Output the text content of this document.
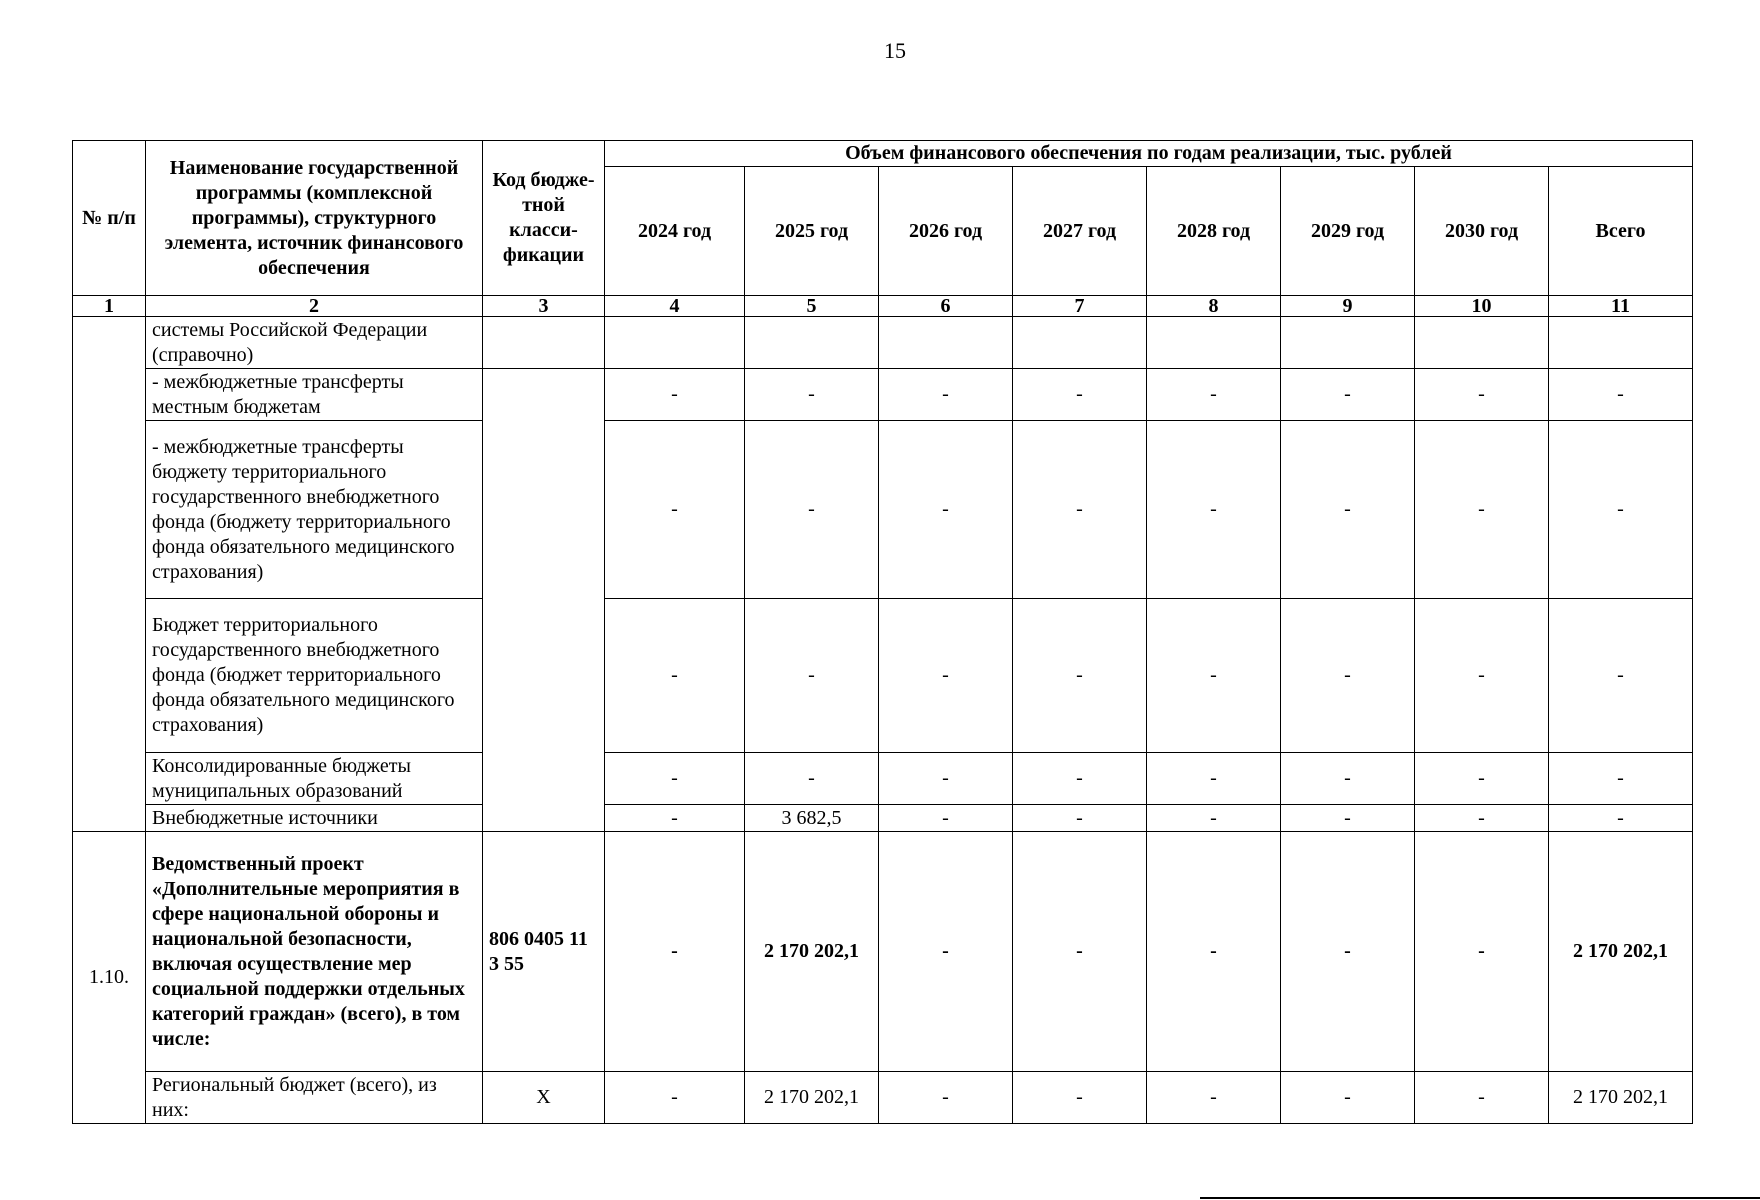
15
№ п/п	Наименование государственной программы (комплексной программы), структурного элемента, источник финансового обеспечения	Код бюдже-тной класси-фикации	Объем финансового обеспечения по годам реализации, тыс. рублей							
			2024 год	2025 год	2026 год	2027 год	2028 год	2029 год	2030 год	Всего
1	2	3	4	5	6	7	8	9	10	11
	системы Российской Федерации (справочно)									
	- межбюджетные трансферты местным бюджетам		-	-	-	-	-	-	-	-
	- межбюджетные трансферты бюджету территориального государственного внебюджетного фонда (бюджету территориального фонда обязательного медицинского страхования)		-	-	-	-	-	-	-	-
	Бюджет территориального государственного внебюджетного фонда (бюджет территориального фонда обязательного медицинского страхования)		-	-	-	-	-	-	-	-
	Консолидированные бюджеты муниципальных образований		-	-	-	-	-	-	-	-
	Внебюджетные источники		-	3 682,5	-	-	-	-	-	-
1.10.	Ведомственный проект «Дополнительные мероприятия в сфере национальной обороны и национальной безопасности, включая осуществление мер социальной поддержки отдельных категорий граждан» (всего), в том числе:	806 0405 11 3 55	-	2 170 202,1	-	-	-	-	-	2 170 202,1
	Региональный бюджет (всего), из них:	Х	-	2 170 202,1	-	-	-	-	-	2 170 202,1
